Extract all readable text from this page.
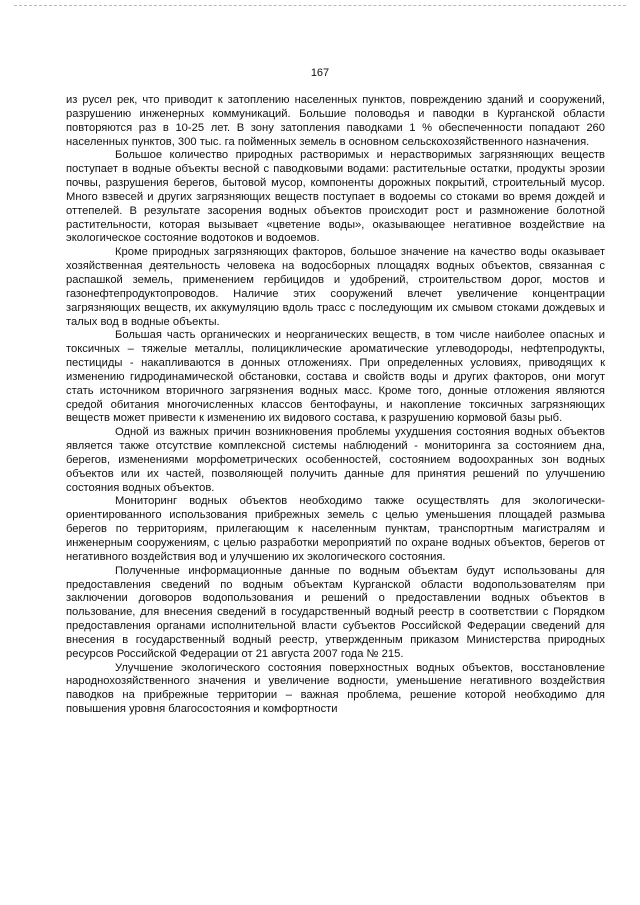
167

из русел рек, что приводит к затоплению населенных пунктов, повреждению зданий и сооружений, разрушению инженерных коммуникаций. Большие половодья и паводки в Курганской области повторяются раз в 10-25 лет. В зону затопления паводками 1 % обеспеченности попадают 260 населенных пунктов, 300 тыс. га пойменных земель в основном сельскохозяйственного назначения.

Большое количество природных растворимых и нерастворимых загрязняющих веществ поступает в водные объекты весной с паводковыми водами: растительные остатки, продукты эрозии почвы, разрушения берегов, бытовой мусор, компоненты дорожных покрытий, строительный мусор. Много взвесей и других загрязняющих веществ поступает в водоемы со стоками во время дождей и оттепелей. В результате засорения водных объектов происходит рост и размножение болотной растительности, которая вызывает «цветение воды», оказывающее негативное воздействие на экологическое состояние водотоков и водоемов.

Кроме природных загрязняющих факторов, большое значение на качество воды оказывает хозяйственная деятельность человека на водосборных площадях водных объектов, связанная с распашкой земель, применением гербицидов и удобрений, строительством дорог, мостов и газонефтепродуктопроводов. Наличие этих сооружений влечет увеличение концентрации загрязняющих веществ, их аккумуляцию вдоль трасс с последующим их смывом стоками дождевых и талых вод в водные объекты.

Большая часть органических и неорганических веществ, в том числе наиболее опасных и токсичных – тяжелые металлы, полициклические ароматические углеводороды, нефтепродукты, пестициды - накапливаются в донных отложениях. При определенных условиях, приводящих к изменению гидродинамической обстановки, состава и свойств воды и других факторов, они могут стать источником вторичного загрязнения водных масс. Кроме того, донные отложения являются средой обитания многочисленных классов бентофауны, и накопление токсичных загрязняющих веществ может привести к изменению их видового состава, к разрушению кормовой базы рыб.

Одной из важных причин возникновения проблемы ухудшения состояния водных объектов является также отсутствие комплексной системы наблюдений - мониторинга за состоянием дна, берегов, изменениями морфометрических особенностей, состоянием водоохранных зон водных объектов или их частей, позволяющей получить данные для принятия решений по улучшению состояния водных объектов.

Мониторинг водных объектов необходимо также осуществлять для экологически-ориентированного использования прибрежных земель с целью уменьшения площадей размыва берегов по территориям, прилегающим к населенным пунктам, транспортным магистралям и инженерным сооружениям, с целью разработки мероприятий по охране водных объектов, берегов от негативного воздействия вод и улучшению их экологического состояния.

Полученные информационные данные по водным объектам будут использованы для предоставления сведений по водным объектам Курганской области водопользователям при заключении договоров водопользования и решений о предоставлении водных объектов в пользование, для внесения сведений в государственный водный реестр в соответствии с Порядком предоставления органами исполнительной власти субъектов Российской Федерации сведений для внесения в государственный водный реестр, утвержденным приказом Министерства природных ресурсов Российской Федерации от 21 августа 2007 года № 215.

Улучшение экологического состояния поверхностных водных объектов, восстановление народнохозяйственного значения и увеличение водности, уменьшение негативного воздействия паводков на прибрежные территории – важная проблема, решение которой необходимо для повышения уровня благосостояния и комфортности
